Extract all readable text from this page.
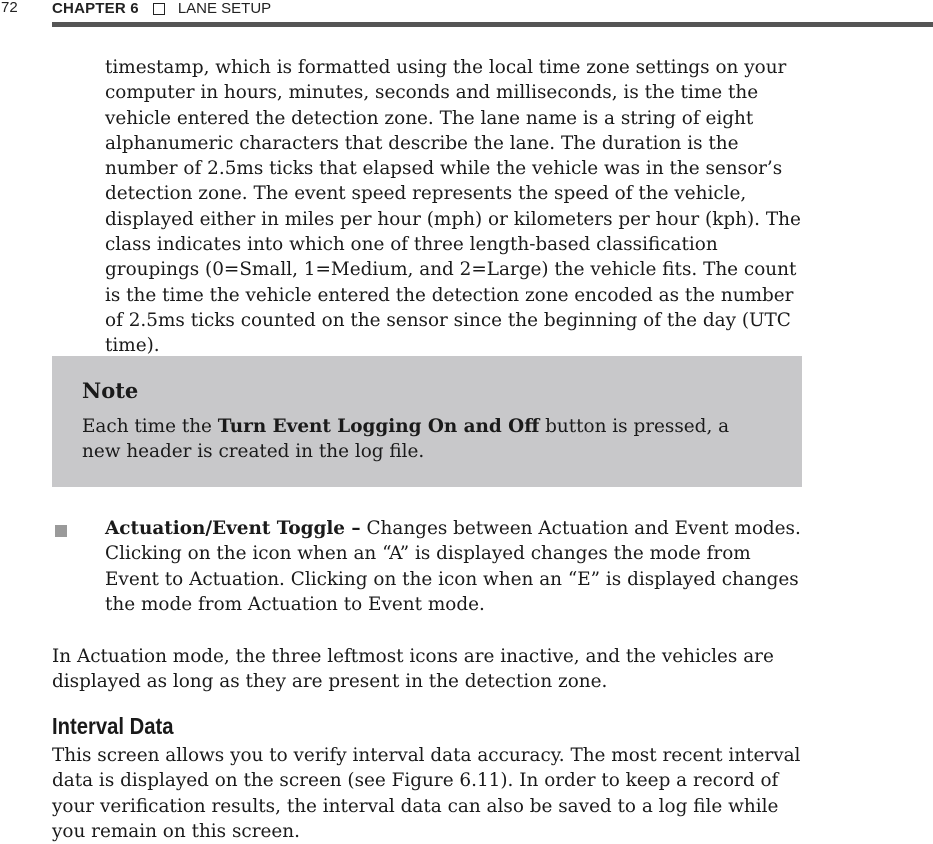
72 CHAPTER 6	LANE SETUP

timestamp, which is formatted using the local time zone settings on your computer in hours, minutes, seconds and milliseconds, is the time the vehicle entered the detection zone. The lane name is a string of eight alphanumeric characters that describe the lane. The duration is the number of 2.5ms ticks that elapsed while the vehicle was in the sensor’s detection zone. The event speed represents the speed of the vehicle, displayed either in miles per hour (mph) or kilometers per hour (kph). The class indicates into which one of three length-based classification groupings (0=Small, 1=Medium, and 2=Large) the vehicle fits. The count is the time the vehicle entered the detection zone encoded as the number of 2.5ms ticks counted on the sensor since the beginning of the day (UTC time).

Note
Each time the Turn Event Logging On and Off button is pressed, a new header is created in the log file.

Actuation/Event Toggle – Changes between Actuation and Event modes. Clicking on the icon when an “A” is displayed changes the mode from Event to Actuation. Clicking on the icon when an “E” is displayed changes the mode from Actuation to Event mode.

In Actuation mode, the three leftmost icons are inactive, and the vehicles are displayed as long as they are present in the detection zone.

Interval Data

This screen allows you to verify interval data accuracy. The most recent interval data is displayed on the screen (see Figure 6.11). In order to keep a record of your verification results, the interval data can also be saved to a log file while you remain on this screen.
